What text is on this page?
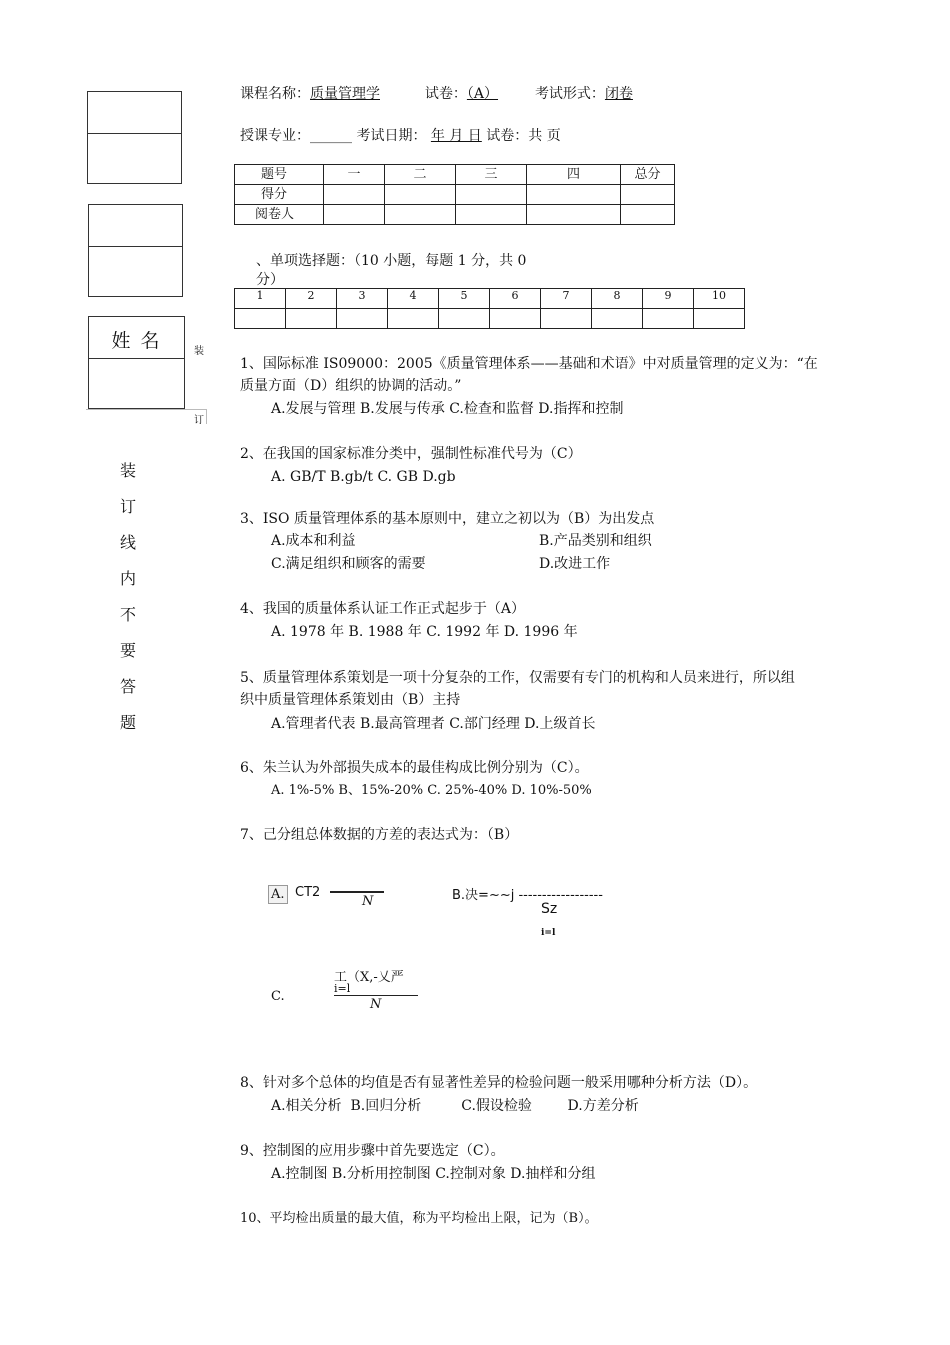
姓 名	装
订
装
订
线
内
不
要
答
题
课程名称：质量管理学	试卷：（A）	考试形式：闭卷
授课专业：______ 考试日期： 年 月 日 试卷：共 页
题号	一	二	三	四	总分
得分					
阅卷人					
、单项选择题：（10 小题，每题 1 分，共 0
分）
1	2	3	4	5	6	7	8	9	10

1、国际标准 IS09000：2005《质量管理体系——基础和术语》中对质量管理的定义为：“在
质量方面（D）组织的协调的活动。”
A.发展与管理 B.发展与传承 C.检查和监督 D.指挥和控制
2、在我国的国家标准分类中，强制性标准代号为（C）
A. GB/T B.gb/t C. GB D.gb
3、ISO 质量管理体系的基本原则中，建立之初以为（B）为出发点
A.成本和利益	B.产品类别和组织
C.满足组织和顾客的需要	D.改进工作
4、我国的质量体系认证工作正式起步于（A）
A. 1978 年 B. 1988 年 C. 1992 年 D. 1996 年
5、质量管理体系策划是一项十分复杂的工作，仅需要有专门的机构和人员来进行，所以组
织中质量管理体系策划由（B）主持
A.管理者代表 B.最高管理者 C.部门经理 D.上级首长
6、朱兰认为外部损失成本的最佳构成比例分别为（C）。
A. 1%-5% B、15%-20% C. 25%-40% D. 10%-50%
7、己分组总体数据的方差的表达式为：（B）
A. CT2
N	B.决=~~j ------------------
Sz
i=l
工（X,-乂严
i=l
C.
N
8、针对多个总体的均值是否有显著性差异的检验问题一般采用哪种分析方法（D）。
A.相关分析  B.回归分析         C.假设检验        D.方差分析
9、控制图的应用步骤中首先要选定（C）。
A.控制图 B.分析用控制图 C.控制对象 D.抽样和分组
10、平均检出质量的最大值，称为平均检出上限，记为（B）。
